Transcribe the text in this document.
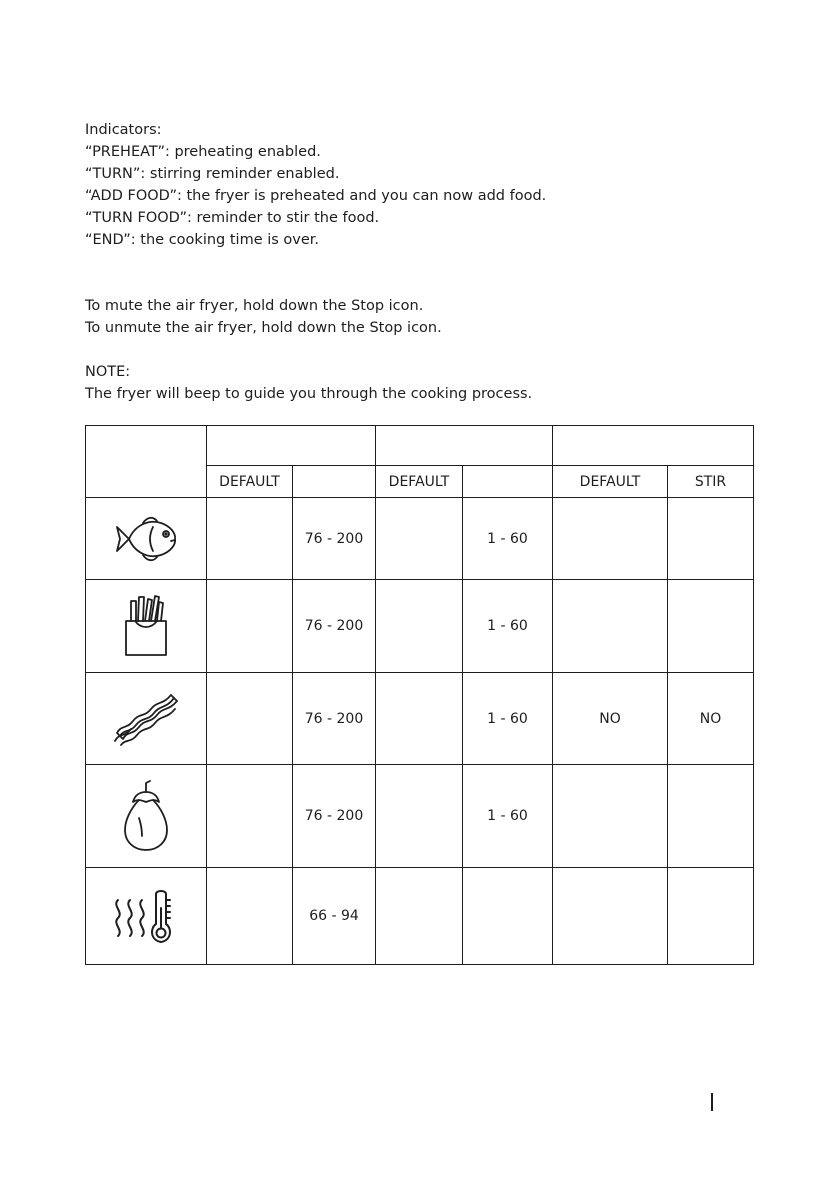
Indicators:

“PREHEAT”: preheating enabled.

“TURN”: stirring reminder enabled.

“ADD FOOD”: the fryer is preheated and you can now add food.

“TURN FOOD”: reminder to stir the food.

“END”: the cooking time is over.

To mute the air fryer, hold down the Stop icon.

To unmute the air fryer, hold down the Stop icon.

NOTE:

The fryer will beep to guide you through the cooking process.

	DEFAULT		DEFAULT		DEFAULT	STIR

		76 - 200		1 - 60		

		76 - 200		1 - 60		

		76 - 200		1 - 60	NO	NO

		76 - 200		1 - 60		

		66 - 94				
